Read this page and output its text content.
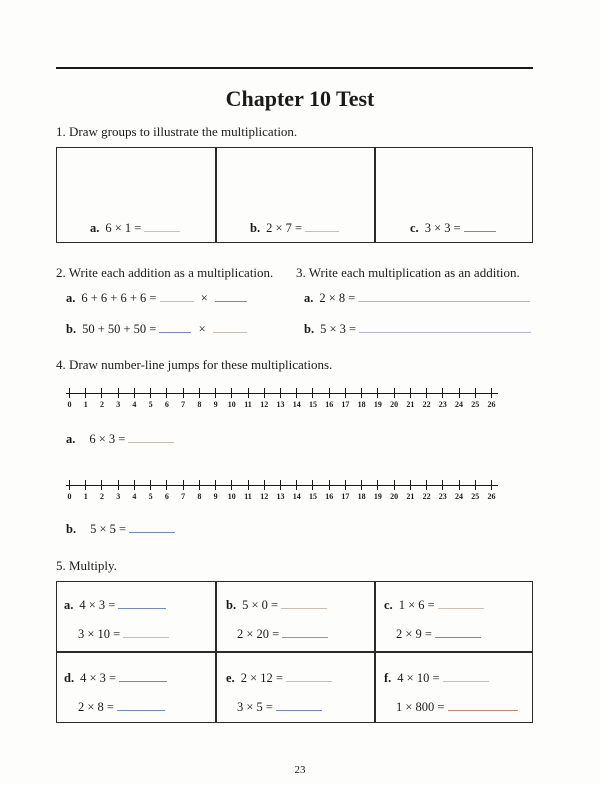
Chapter 10 Test
1. Draw groups to illustrate the multiplication.
a. 6 × 1 =	b. 2 × 7 =	c. 3 × 3 =
2. Write each addition as a multiplication.
a. 6 + 6 + 6 + 6 =	×
b. 50 + 50 + 50 =	×
3. Write each multiplication as an addition.
a. 2 × 8 =
b. 5 × 3 =
4. Draw number-line jumps for these multiplications.
0 1 2 3 4 5 6 7 8 9 10 11 12 13 14 15 16 17 18 19 20 21 22 23 24 25 26
a. 6 × 3 =
0 1 2 3 4 5 6 7 8 9 10 11 12 13 14 15 16 17 18 19 20 21 22 23 24 25 26
b. 5 × 5 =
5. Multiply.
a. 4 × 3 =
3 × 10 =
b. 5 × 0 =
2 × 20 =
c. 1 × 6 =
2 × 9 =
d. 4 × 3 =
2 × 8 =
e. 2 × 12 =
3 × 5 =
f. 4 × 10 =
1 × 800 =
23
